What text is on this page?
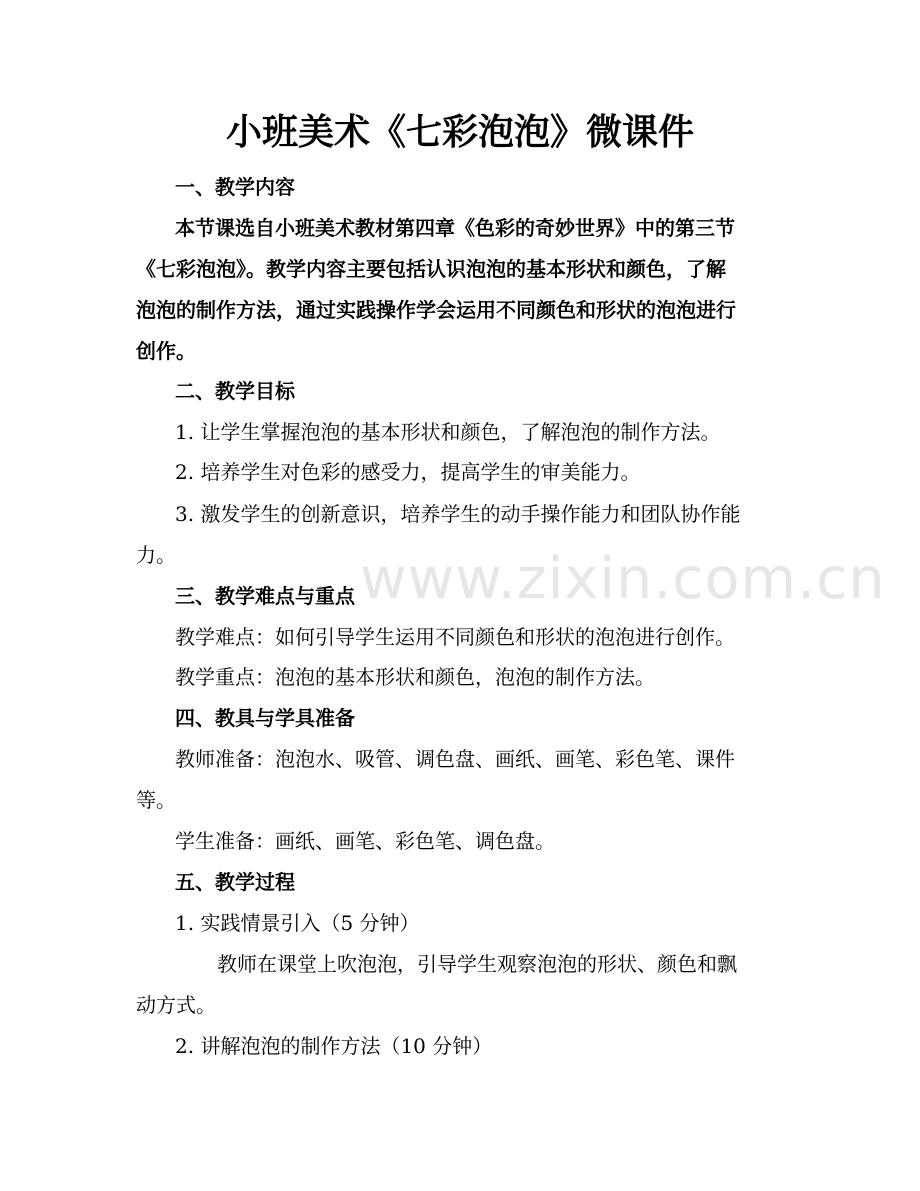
www.zixin.com.cn
小班美术《七彩泡泡》微课件
一、教学内容
本节课选自小班美术教材第四章《色彩的奇妙世界》中的第三节
《七彩泡泡》。教学内容主要包括认识泡泡的基本形状和颜色，了解
泡泡的制作方法，通过实践操作学会运用不同颜色和形状的泡泡进行
创作。
二、教学目标
1. 让学生掌握泡泡的基本形状和颜色，了解泡泡的制作方法。
2. 培养学生对色彩的感受力，提高学生的审美能力。
3. 激发学生的创新意识，培养学生的动手操作能力和团队协作能
力。
三、教学难点与重点
教学难点：如何引导学生运用不同颜色和形状的泡泡进行创作。
教学重点：泡泡的基本形状和颜色，泡泡的制作方法。
四、教具与学具准备
教师准备：泡泡水、吸管、调色盘、画纸、画笔、彩色笔、课件
等。
学生准备：画纸、画笔、彩色笔、调色盘。
五、教学过程
1. 实践情景引入（5 分钟）
教师在课堂上吹泡泡，引导学生观察泡泡的形状、颜色和飘
动方式。
2. 讲解泡泡的制作方法（10 分钟）
